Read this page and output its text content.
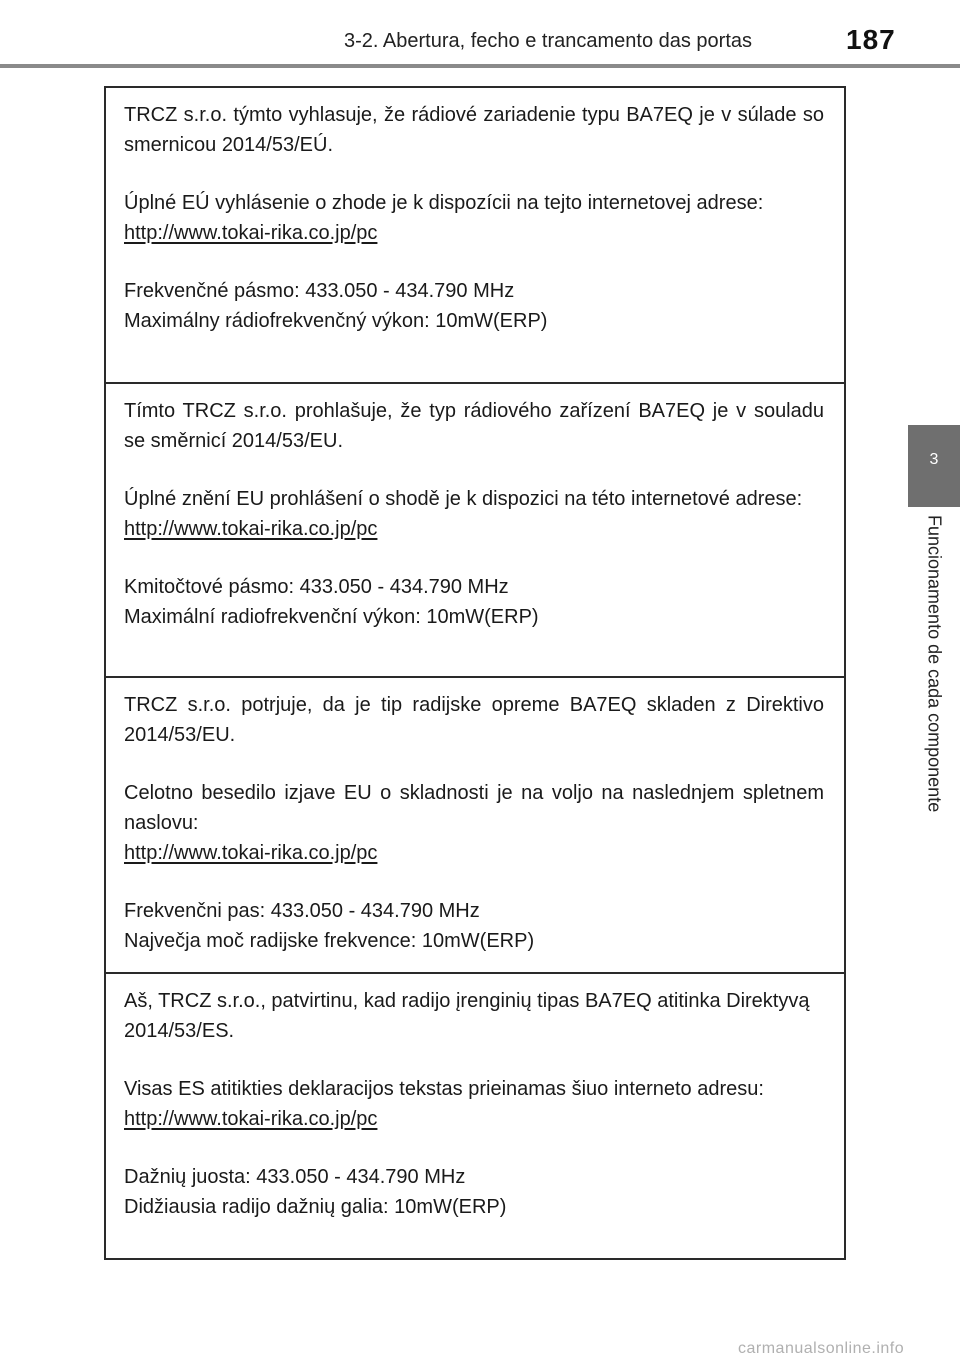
3-2. Abertura, fecho e trancamento das portas	187
3
Funcionamento de cada componente

TRCZ s.r.o. týmto vyhlasuje, že rádiové zariadenie typu BA7EQ je v súlade so smernicou 2014/53/EÚ.

Úplné EÚ vyhlásenie o zhode je k dispozícii na tejto internetovej adrese:

http://www.tokai-rika.co.jp/pc

Frekvenčné pásmo: 433.050 - 434.790 MHz

Maximálny rádiofrekvenčný výkon: 10mW(ERP)

Tímto TRCZ s.r.o. prohlašuje, že typ rádiového zařízení BA7EQ je v souladu se směrnicí 2014/53/EU.

Úplné znění EU prohlášení o shodě je k dispozici na této internetové adrese:

http://www.tokai-rika.co.jp/pc

Kmitočtové pásmo: 433.050 - 434.790 MHz

Maximální radiofrekvenční výkon: 10mW(ERP)

TRCZ s.r.o. potrjuje, da je tip radijske opreme BA7EQ skladen z Direktivo 2014/53/EU.

Celotno besedilo izjave EU o skladnosti je na voljo na naslednjem spletnem naslovu:

http://www.tokai-rika.co.jp/pc

Frekvenčni pas: 433.050 - 434.790 MHz

Največja moč radijske frekvence: 10mW(ERP)

Aš, TRCZ s.r.o., patvirtinu, kad radijo įrenginių tipas BA7EQ atitinka Direktyvą 2014/53/ES.

Visas ES atitikties deklaracijos tekstas prieinamas šiuo interneto adresu:

http://www.tokai-rika.co.jp/pc

Dažnių juosta: 433.050 - 434.790 MHz

Didžiausia radijo dažnių galia: 10mW(ERP)

carmanualsonline.info
